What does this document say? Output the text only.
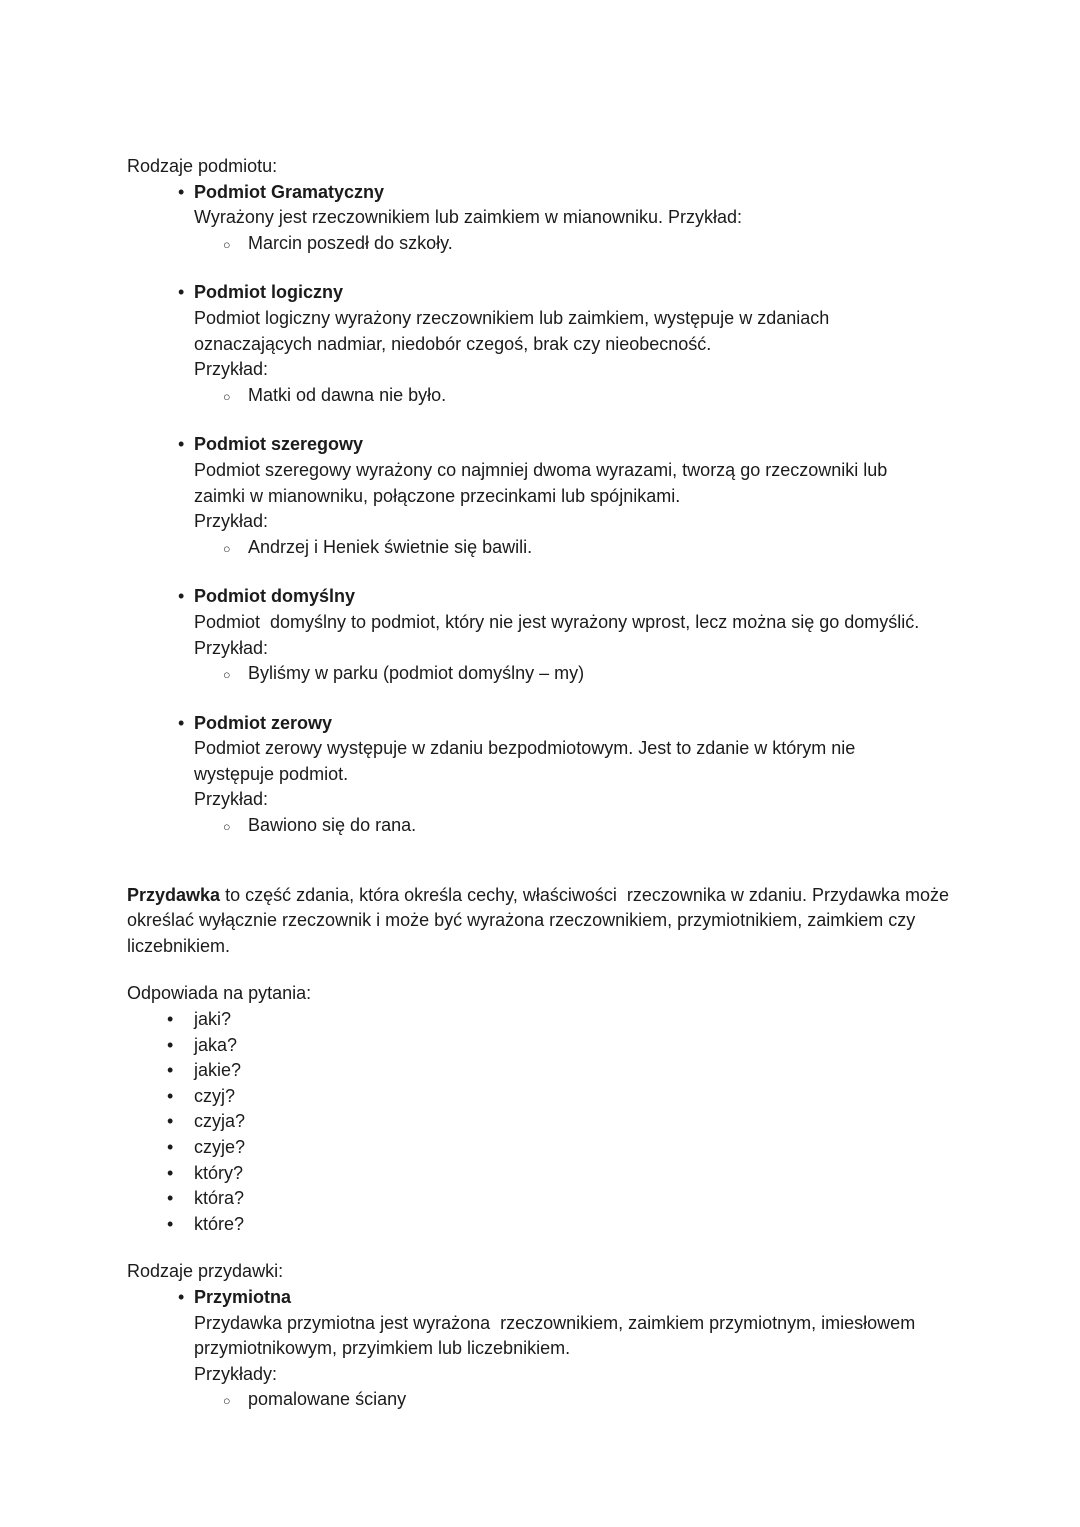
Rodzaje podmiotu:
• Podmiot Gramatyczny
Wyrażony jest rzeczownikiem lub zaimkiem w mianowniku. Przykład:
○ Marcin poszedł do szkoły.
• Podmiot logiczny
Podmiot logiczny wyrażony rzeczownikiem lub zaimkiem, występuje w zdaniach
oznaczających nadmiar, niedobór czegoś, brak czy nieobecność.
Przykład:
○ Matki od dawna nie było.
• Podmiot szeregowy
Podmiot szeregowy wyrażony co najmniej dwoma wyrazami, tworzą go rzeczowniki lub
zaimki w mianowniku, połączone przecinkami lub spójnikami.
Przykład:
○ Andrzej i Heniek świetnie się bawili.
• Podmiot domyślny
Podmiot  domyślny to podmiot, który nie jest wyrażony wprost, lecz można się go domyślić.
Przykład:
○ Byliśmy w parku (podmiot domyślny – my)
• Podmiot zerowy
Podmiot zerowy występuje w zdaniu bezpodmiotowym. Jest to zdanie w którym nie
występuje podmiot.
Przykład:
○ Bawiono się do rana.
Przydawka to część zdania, która określa cechy, właściwości  rzeczownika w zdaniu. Przydawka może
określać wyłącznie rzeczownik i może być wyrażona rzeczownikiem, przymiotnikiem, zaimkiem czy
liczebnikiem.
Odpowiada na pytania:
•	jaki?
•	jaka?
•	jakie?
•	czyj?
•	czyja?
•	czyje?
•	który?
•	która?
•	które?
Rodzaje przydawki:
• Przymiotna
Przydawka przymiotna jest wyrażona  rzeczownikiem, zaimkiem przymiotnym, imiesłowem
przymiotnikowym, przyimkiem lub liczebnikiem.
Przykłady:
○ pomalowane ściany
